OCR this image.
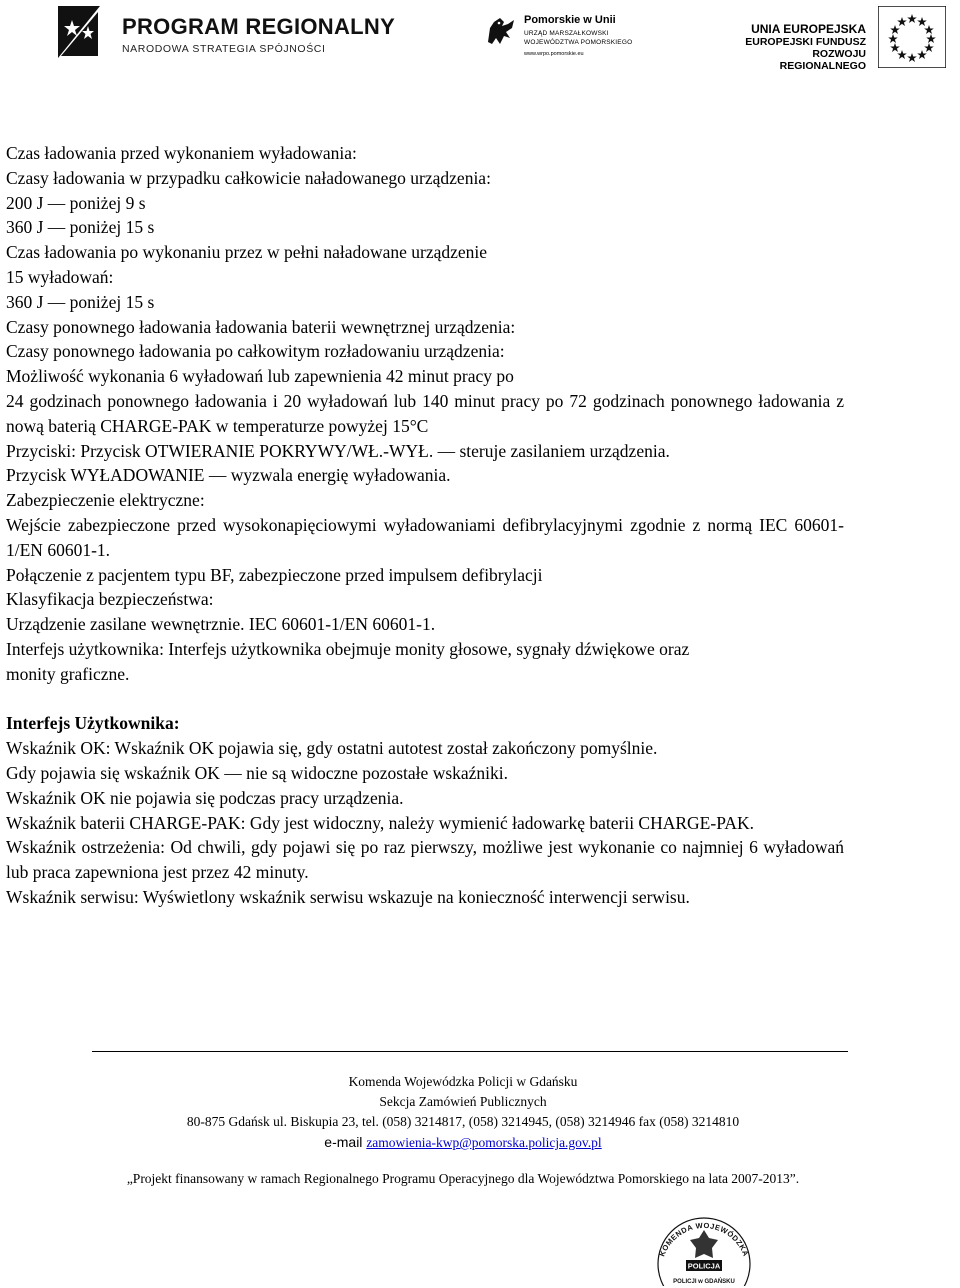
PROGRAM REGIONALNY
NARODOWA STRATEGIA SPÓJNOŚCI
Pomorskie w Unii
URZĄD MARSZAŁKOWSKI
WOJEWÓDZTWA POMORSKIEGO
www.wrpo.pomorskie.eu
UNIA EUROPEJSKA
EUROPEJSKI FUNDUSZ
ROZWOJU REGIONALNEGO

Czas ładowania przed wykonaniem wyładowania:

Czasy ładowania w przypadku całkowicie naładowanego urządzenia:

200 J — poniżej 9 s

360 J — poniżej 15 s

Czas ładowania po wykonaniu przez w pełni naładowane urządzenie

15 wyładowań:

360 J — poniżej 15 s

Czasy ponownego ładowania ładowania baterii wewnętrznej urządzenia:

Czasy ponownego ładowania po całkowitym rozładowaniu urządzenia:

Możliwość wykonania 6 wyładowań lub zapewnienia 42 minut pracy po

24 godzinach ponownego ładowania i 20 wyładowań lub 140 minut pracy po 72 godzinach ponownego ładowania z nową baterią CHARGE-PAK w temperaturze powyżej 15°C

Przyciski: Przycisk OTWIERANIE POKRYWY/WŁ.-WYŁ. — steruje zasilaniem urządzenia.

Przycisk WYŁADOWANIE — wyzwala energię wyładowania.

Zabezpieczenie elektryczne:

Wejście zabezpieczone przed wysokonapięciowymi wyładowaniami defibrylacyjnymi zgodnie z normą IEC 60601-1/EN 60601-1.

Połączenie z pacjentem typu BF, zabezpieczone przed impulsem defibrylacji

Klasyfikacja bezpieczeństwa:

Urządzenie zasilane wewnętrznie. IEC 60601-1/EN 60601-1.

Interfejs użytkownika: Interfejs użytkownika obejmuje monity głosowe, sygnały dźwiękowe oraz

monity graficzne.

Interfejs Użytkownika:

Wskaźnik OK: Wskaźnik OK pojawia się, gdy ostatni autotest został zakończony pomyślnie.

Gdy pojawia się wskaźnik OK — nie są widoczne pozostałe wskaźniki.

Wskaźnik OK nie pojawia się podczas pracy urządzenia.

Wskaźnik baterii CHARGE-PAK: Gdy jest widoczny, należy wymienić ładowarkę baterii CHARGE-PAK.

Wskaźnik ostrzeżenia: Od chwili, gdy pojawi się po raz pierwszy, możliwe jest wykonanie co najmniej 6 wyładowań lub praca zapewniona jest przez 42 minuty.

Wskaźnik serwisu: Wyświetlony wskaźnik serwisu wskazuje na konieczność interwencji serwisu.

Komenda Wojewódzka Policji w Gdańsku

Sekcja Zamówień Publicznych

80-875 Gdańsk ul. Biskupia 23, tel. (058) 3214817, (058) 3214945, (058) 3214946 fax (058) 3214810

e-mail zamowienia-kwp@pomorska.policja.gov.pl

„Projekt finansowany w ramach Regionalnego Programu Operacyjnego dla Województwa Pomorskiego na lata 2007-2013”.

KOMENDA WOJEWÓDZKA
POLICJA
POLICJI w GDAŃSKU
